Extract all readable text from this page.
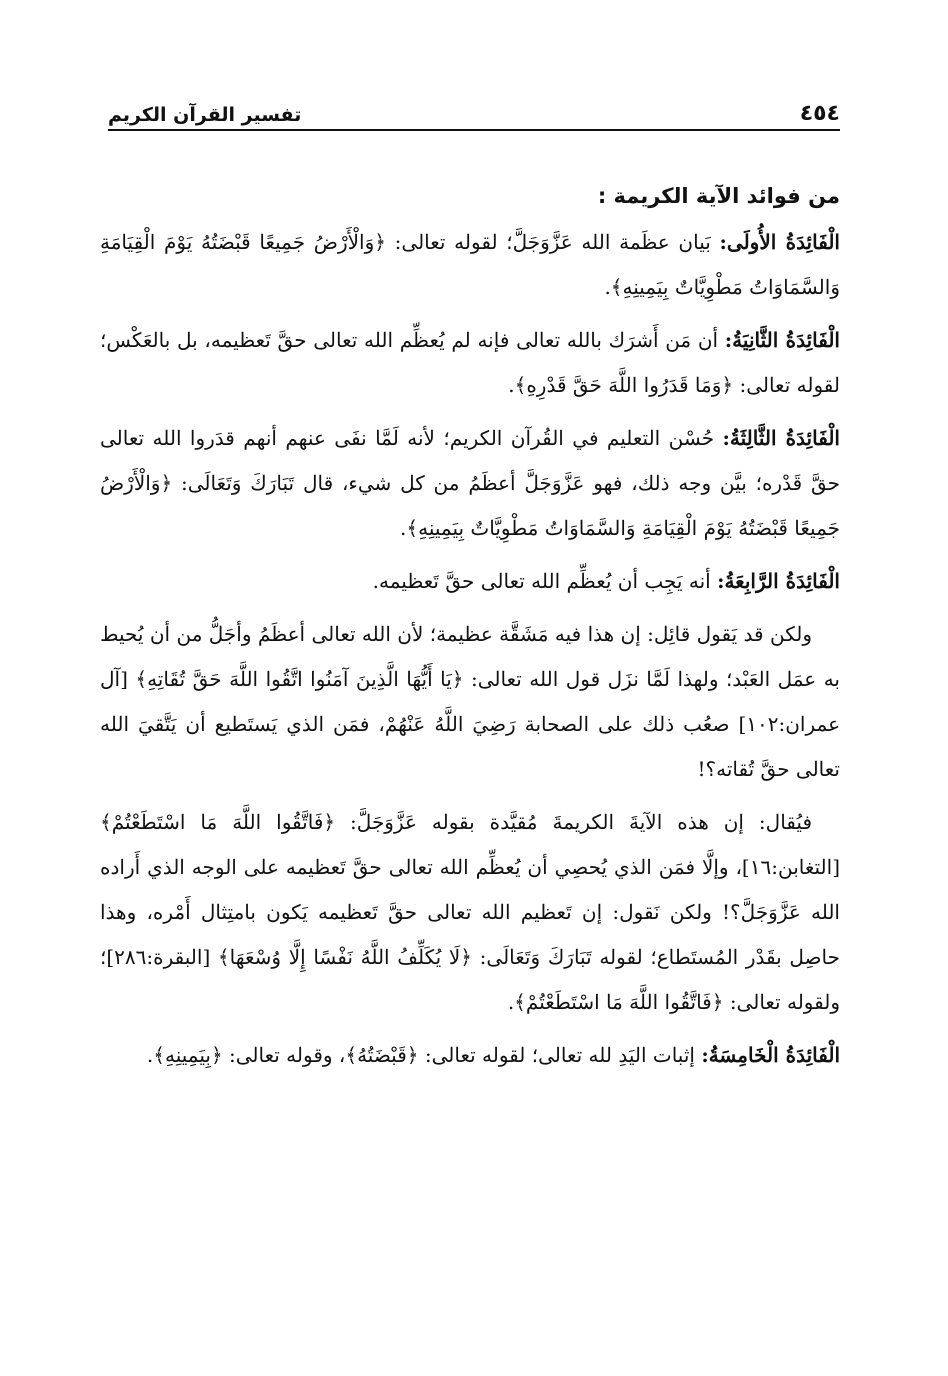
٤٥٤
تفسير القرآن الكريم
من فوائد الآية الكريمة :

الْفَائِدَةُ الأُولَى: بَيان عظَمة الله عَزَّوَجَلَّ؛ لقوله تعالى: ﴿وَالْأَرْضُ جَمِيعًا قَبْضَتُهُ يَوْمَ الْقِيَامَةِ وَالسَّمَاوَاتُ مَطْوِيَّاتٌ بِيَمِينِهِ﴾.

الْفَائِدَةُ الثَّانِيَةُ: أن مَن أَشرَك بالله تعالى فإنه لم يُعظِّم الله تعالى حقَّ تَعظيمه، بل بالعَكْس؛ لقوله تعالى: ﴿وَمَا قَدَرُوا اللَّهَ حَقَّ قَدْرِهِ﴾.

الْفَائِدَةُ الثَّالِثَةُ: حُسْن التعليم في القُرآن الكريم؛ لأنه لَمَّا نفَى عنهم أنهم قدَروا الله تعالى حقَّ قَدْره؛ بيَّن وجه ذلك، فهو عَزَّوَجَلَّ أعظَمُ من كل شيء، قال تَبَارَكَ وَتَعَالَى: ﴿وَالْأَرْضُ جَمِيعًا قَبْضَتُهُ يَوْمَ الْقِيَامَةِ وَالسَّمَاوَاتُ مَطْوِيَّاتٌ بِيَمِينِهِ﴾.

الْفَائِدَةُ الرَّابِعَةُ: أنه يَجِب أن يُعظِّم الله تعالى حقَّ تَعظيمه.

ولكن قد يَقول قائِل: إن هذا فيه مَشَقَّة عظيمة؛ لأن الله تعالى أعظَمُ وأجَلُّ من أن يُحيط به عمَل العَبْد؛ ولهذا لَمَّا نزَل قول الله تعالى: ﴿يَا أَيُّهَا الَّذِينَ آمَنُوا اتَّقُوا اللَّهَ حَقَّ تُقَاتِهِ﴾ [آل عمران:١٠٢] صعُب ذلك على الصحابة رَضِيَ اللَّهُ عَنْهُمْ، فمَن الذي يَستَطيع أن يَتَّقيَ الله تعالى حقَّ تُقاته؟!

فيُقال: إن هذه الآيةَ الكريمةَ مُقيَّدة بقوله عَزَّوَجَلَّ: ﴿فَاتَّقُوا اللَّهَ مَا اسْتَطَعْتُمْ﴾ [التغابن:١٦]، وإلَّا فمَن الذي يُحصِي أن يُعظِّم الله تعالى حقَّ تَعظيمه على الوجه الذي أَراده الله عَزَّوَجَلَّ؟! ولكن نَقول: إن تَعظيم الله تعالى حقَّ تَعظيمه يَكون بامتِثال أَمْره، وهذا حاصِل بقَدْر المُستَطاع؛ لقوله تَبَارَكَ وَتَعَالَى: ﴿لَا يُكَلِّفُ اللَّهُ نَفْسًا إِلَّا وُسْعَهَا﴾ [البقرة:٢٨٦]؛ ولقوله تعالى: ﴿فَاتَّقُوا اللَّهَ مَا اسْتَطَعْتُمْ﴾.

الْفَائِدَةُ الْخَامِسَةُ: إثبات اليَدِ لله تعالى؛ لقوله تعالى: ﴿قَبْضَتُهُ﴾، وقوله تعالى: ﴿بِيَمِينِهِ﴾.
